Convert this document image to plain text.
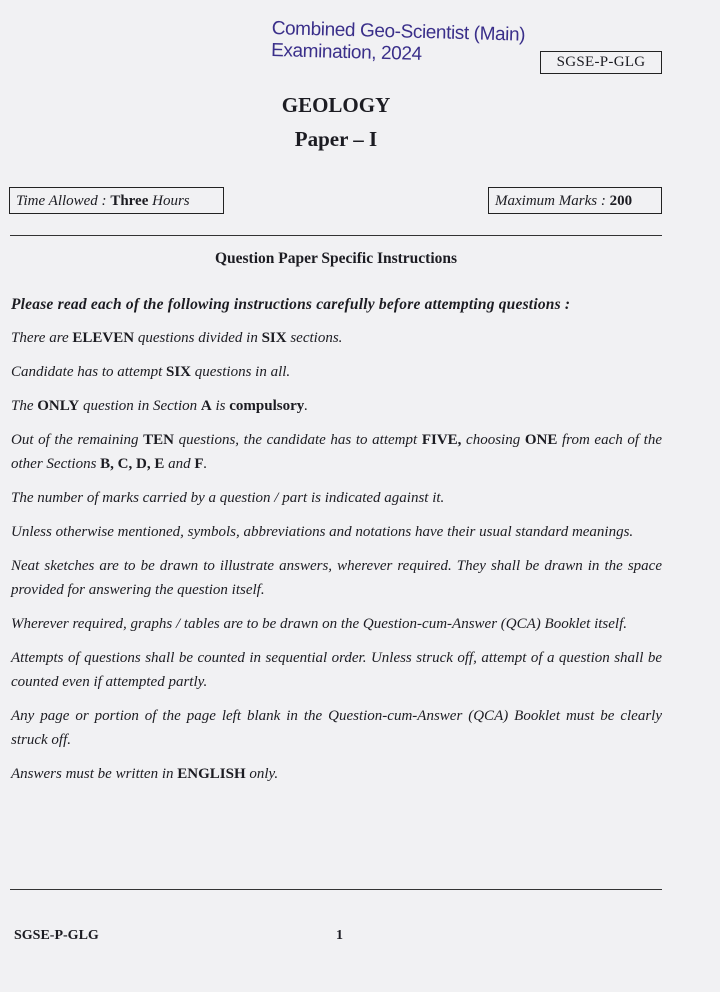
Combined Geo-Scientist (Main)
Examination, 2024	SGSE-P-GLG
GEOLOGY
Paper – I
Time Allowed : Three Hours	Maximum Marks : 200
Question Paper Specific Instructions

Please read each of the following instructions carefully before attempting questions :

There are ELEVEN questions divided in SIX sections.

Candidate has to attempt SIX questions in all.

The ONLY question in Section A is compulsory.

Out of the remaining TEN questions, the candidate has to attempt FIVE, choosing ONE from each of the other Sections B, C, D, E and F.

The number of marks carried by a question / part is indicated against it.

Unless otherwise mentioned, symbols, abbreviations and notations have their usual standard meanings.

Neat sketches are to be drawn to illustrate answers, wherever required. They shall be drawn in the space provided for answering the question itself.

Wherever required, graphs / tables are to be drawn on the Question-cum-Answer (QCA) Booklet itself.

Attempts of questions shall be counted in sequential order. Unless struck off, attempt of a question shall be counted even if attempted partly.

Any page or portion of the page left blank in the Question-cum-Answer (QCA) Booklet must be clearly struck off.

Answers must be written in ENGLISH only.

SGSE-P-GLG	1
